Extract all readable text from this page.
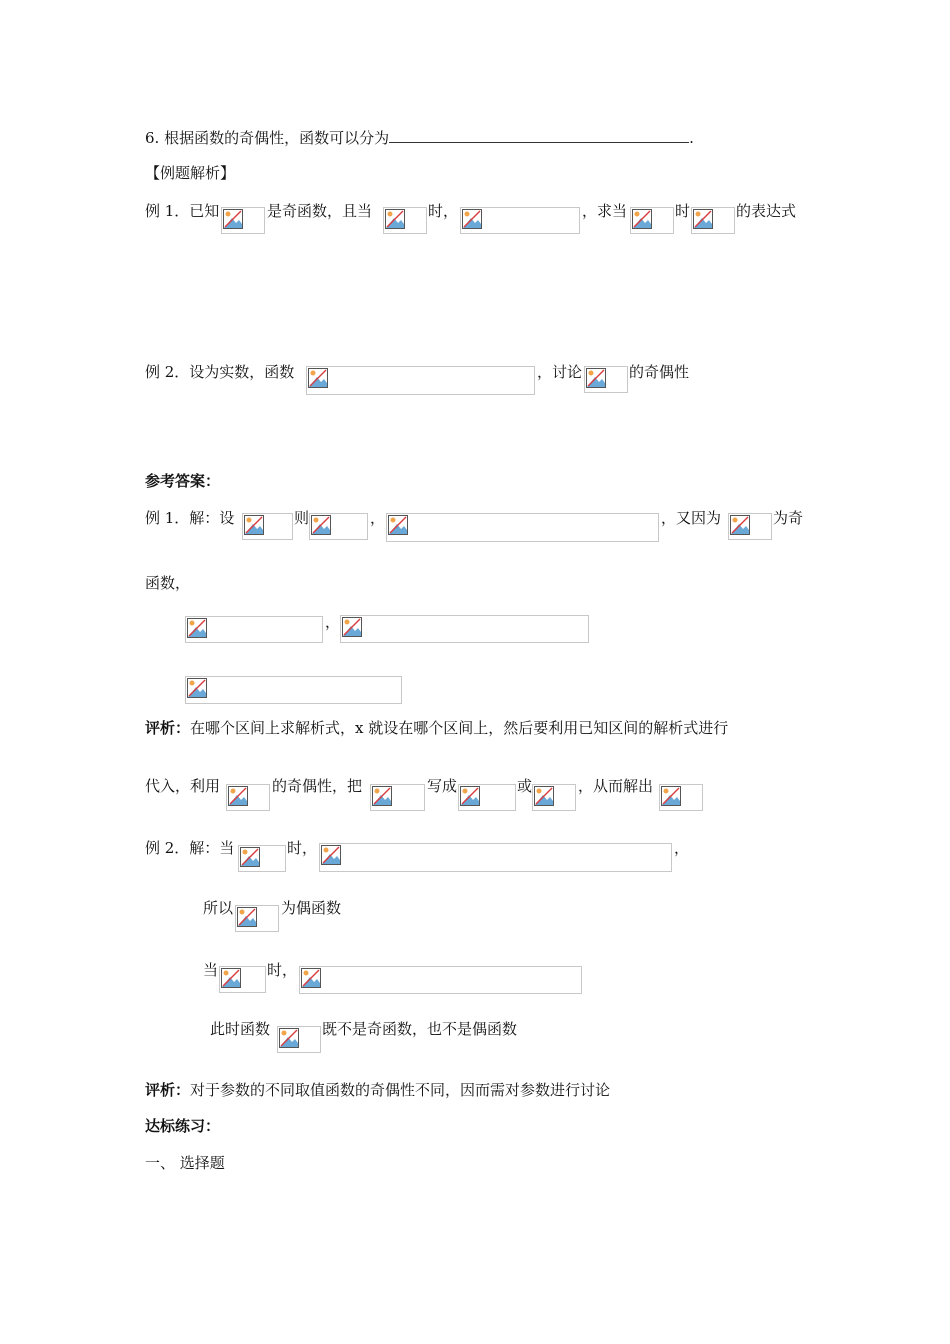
6. 根据函数的奇偶性，函数可以分为	.
【例题解析】
例 1．已知	是奇函数，且当	时，	，求当	时	的表达式
例 2．设为实数，函数	，讨论	的奇偶性
参考答案：
例 1．解：设	则	，	，又因为	为奇
函数，
，
评析：在哪个区间上求解析式，x 就设在哪个区间上，然后要利用已知区间的解析式进行
代入，利用	的奇偶性，把	写成	或	，从而解出
例 2．解：当	时，	，
所以	为偶函数
当	时，
此时函数	既不是奇函数，也不是偶函数
评析：对于参数的不同取值函数的奇偶性不同，因而需对参数进行讨论
达标练习：
一、 选择题
